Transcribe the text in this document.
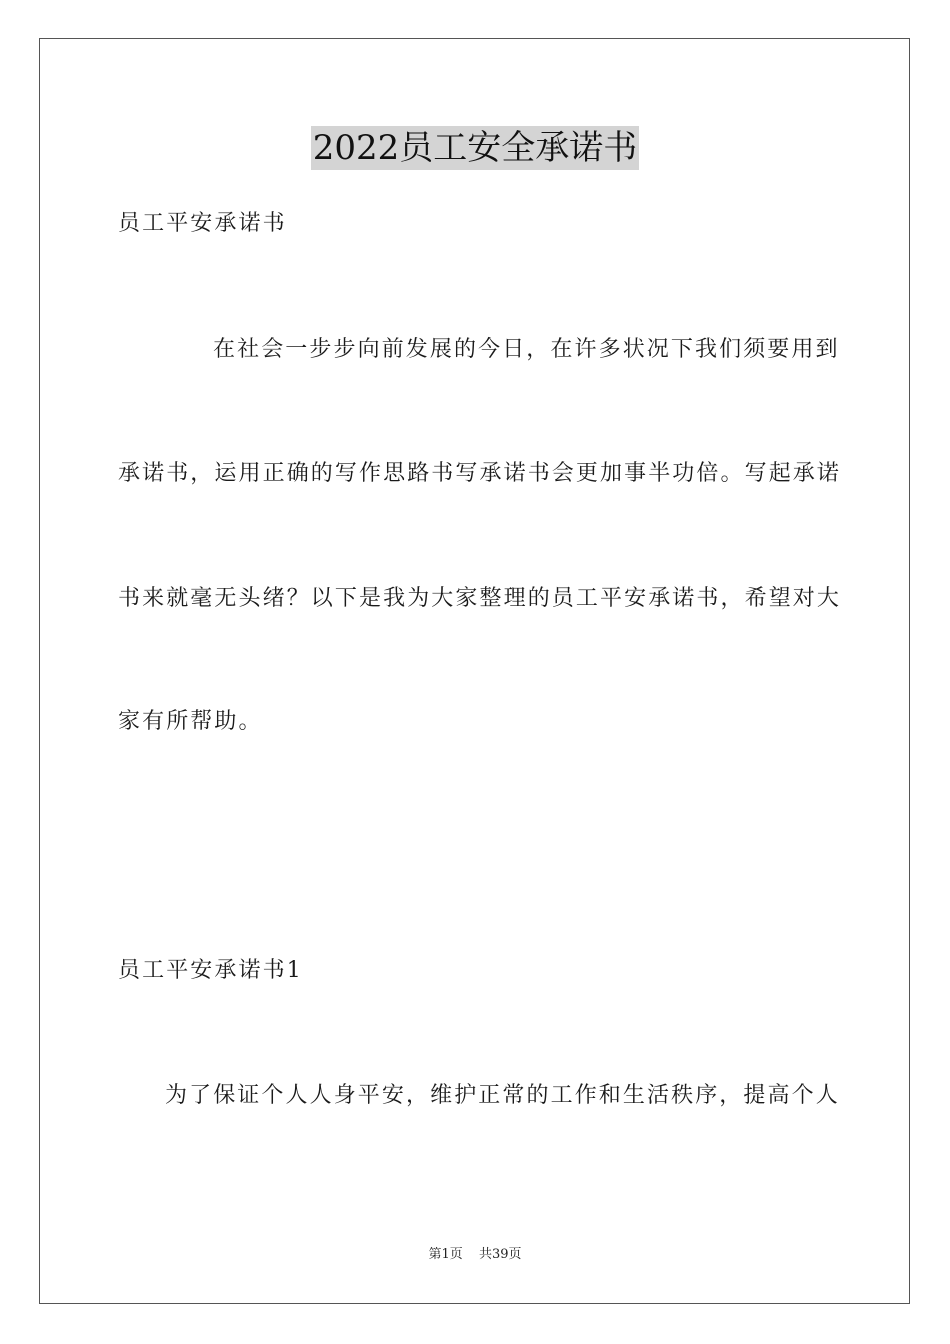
2022员工安全承诺书
员工平安承诺书
在社会一步步向前发展的今日，在许多状况下我们须要用到
承诺书，运用正确的写作思路书写承诺书会更加事半功倍。写起承诺
书来就毫无头绪？以下是我为大家整理的员工平安承诺书，希望对大
家有所帮助。
员工平安承诺书1
为了保证个人人身平安，维护正常的工作和生活秩序，提高个人
第1页 共39页
